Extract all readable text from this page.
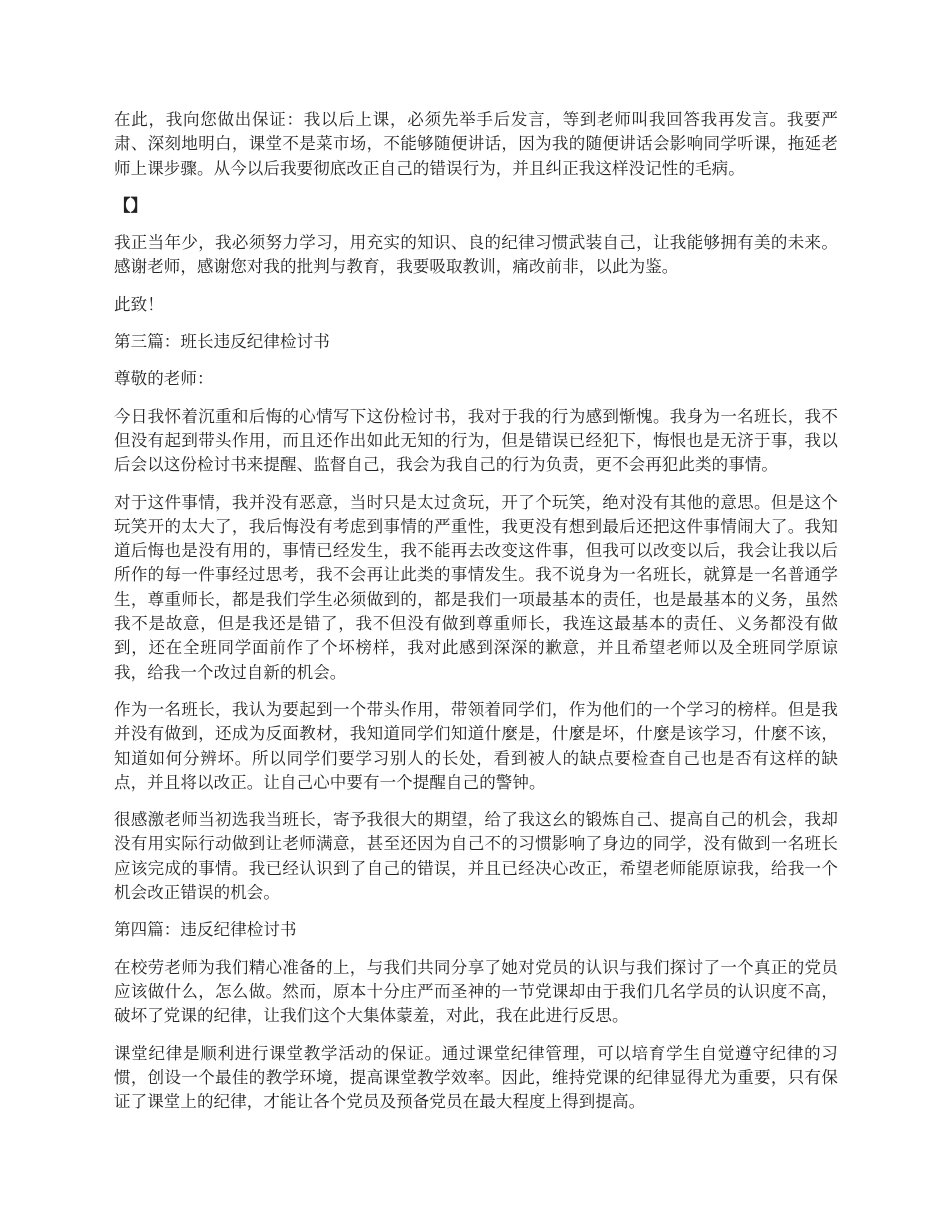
在此，我向您做出保证：我以后上课，必须先举手后发言，等到老师叫我回答我再发言。我要严肃、深刻地明白，课堂不是菜市场，不能够随便讲话，因为我的随便讲话会影响同学听课，拖延老师上课步骤。从今以后我要彻底改正自己的错误行为，并且纠正我这样没记性的毛病。

【】

我正当年少，我必须努力学习，用充实的知识、良的纪律习惯武装自己，让我能够拥有美的未来。感谢老师，感谢您对我的批判与教育，我要吸取教训，痛改前非，以此为鉴。

此致！

第三篇：班长违反纪律检讨书

尊敬的老师：

今日我怀着沉重和后悔的心情写下这份检讨书，我对于我的行为感到惭愧。我身为一名班长，我不但没有起到带头作用，而且还作出如此无知的行为，但是错误已经犯下，悔恨也是无济于事，我以后会以这份检讨书来提醒、监督自己，我会为我自己的行为负责，更不会再犯此类的事情。

对于这件事情，我并没有恶意，当时只是太过贪玩，开了个玩笑，绝对没有其他的意思。但是这个玩笑开的太大了，我后悔没有考虑到事情的严重性，我更没有想到最后还把这件事情闹大了。我知道后悔也是没有用的，事情已经发生，我不能再去改变这件事，但我可以改变以后，我会让我以后所作的每一件事经过思考，我不会再让此类的事情发生。我不说身为一名班长，就算是一名普通学生，尊重师长，都是我们学生必须做到的，都是我们一项最基本的责任，也是最基本的义务，虽然我不是故意，但是我还是错了，我不但没有做到尊重师长，我连这最基本的责任、义务都没有做到，还在全班同学面前作了个坏榜样，我对此感到深深的歉意，并且希望老师以及全班同学原谅我，给我一个改过自新的机会。

作为一名班长，我认为要起到一个带头作用，带领着同学们，作为他们的一个学习的榜样。但是我并没有做到，还成为反面教材，我知道同学们知道什麼是，什麼是坏，什麼是该学习，什麼不该，知道如何分辨坏。所以同学们要学习别人的长处，看到被人的缺点要检查自己也是否有这样的缺点，并且将以改正。让自己心中要有一个提醒自己的警钟。

很感激老师当初选我当班长，寄予我很大的期望，给了我这幺的锻炼自己、提高自己的机会，我却没有用实际行动做到让老师满意，甚至还因为自己不的习惯影响了身边的同学，没有做到一名班长应该完成的事情。我已经认识到了自己的错误，并且已经决心改正，希望老师能原谅我，给我一个机会改正错误的机会。

第四篇：违反纪律检讨书

在校劳老师为我们精心准备的上，与我们共同分享了她对党员的认识与我们探讨了一个真正的党员应该做什么，怎么做。然而，原本十分庄严而圣神的一节党课却由于我们几名学员的认识度不高，破坏了党课的纪律，让我们这个大集体蒙羞，对此，我在此进行反思。

课堂纪律是顺利进行课堂教学活动的保证。通过课堂纪律管理，可以培育学生自觉遵守纪律的习惯，创设一个最佳的教学环境，提高课堂教学效率。因此，维持党课的纪律显得尤为重要，只有保证了课堂上的纪律，才能让各个党员及预备党员在最大程度上得到提高。
